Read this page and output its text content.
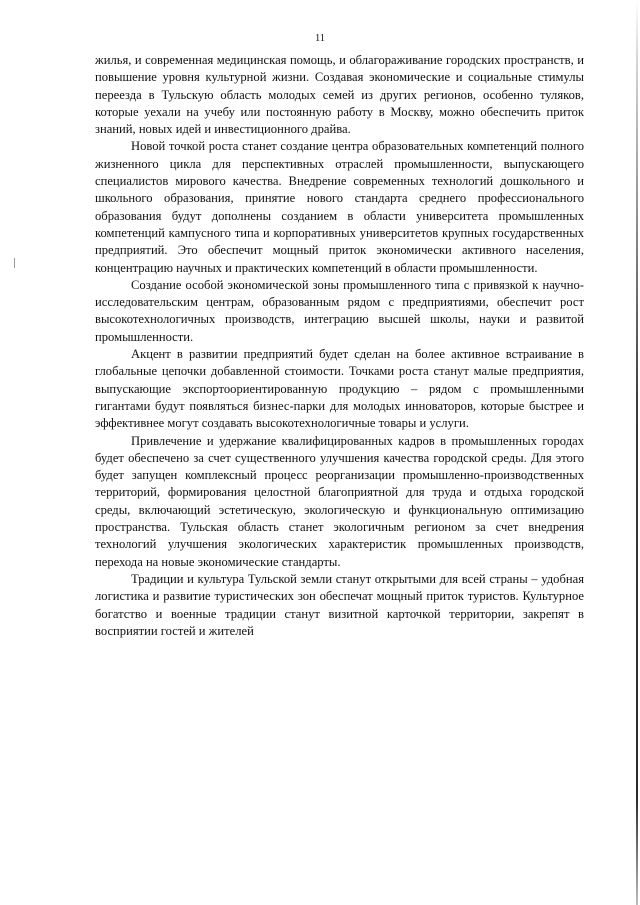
11

жилья, и современная медицинская помощь, и облагораживание городских пространств, и повышение уровня культурной жизни. Создавая экономические и социальные стимулы переезда в Тульскую область молодых семей из других регионов, особенно туляков, которые уехали на учебу или постоянную работу в Москву, можно обеспечить приток знаний, новых идей и инвестиционного драйва.

Новой точкой роста станет создание центра образовательных компетенций полного жизненного цикла для перспективных отраслей промышленности, выпускающего специалистов мирового качества. Внедрение современных технологий дошкольного и школьного образования, принятие нового стандарта среднего профессионального образования будут дополнены созданием в области университета промышленных компетенций кампусного типа и корпоративных университетов крупных государственных предприятий. Это обеспечит мощный приток экономически активного населения, концентрацию научных и практических компетенций в области промышленности.

Создание особой экономической зоны промышленного типа с привязкой к научно-исследовательским центрам, образованным рядом с предприятиями, обеспечит рост высокотехнологичных производств, интеграцию высшей школы, науки и развитой промышленности.

Акцент в развитии предприятий будет сделан на более активное встраивание в глобальные цепочки добавленной стоимости. Точками роста станут малые предприятия, выпускающие экспортоориентированную продукцию – рядом с промышленными гигантами будут появляться бизнес-парки для молодых инноваторов, которые быстрее и эффективнее могут создавать высокотехнологичные товары и услуги.

Привлечение и удержание квалифицированных кадров в промышленных городах будет обеспечено за счет существенного улучшения качества городской среды. Для этого будет запущен комплексный процесс реорганизации промышленно-производственных территорий, формирования целостной благоприятной для труда и отдыха городской среды, включающий эстетическую, экологическую и функциональную оптимизацию пространства. Тульская область станет экологичным регионом за счет внедрения технологий улучшения экологических характеристик промышленных производств, перехода на новые экономические стандарты.

Традиции и культура Тульской земли станут открытыми для всей страны – удобная логистика и развитие туристических зон обеспечат мощный приток туристов. Культурное богатство и военные традиции станут визитной карточкой территории, закрепят в восприятии гостей и жителей
